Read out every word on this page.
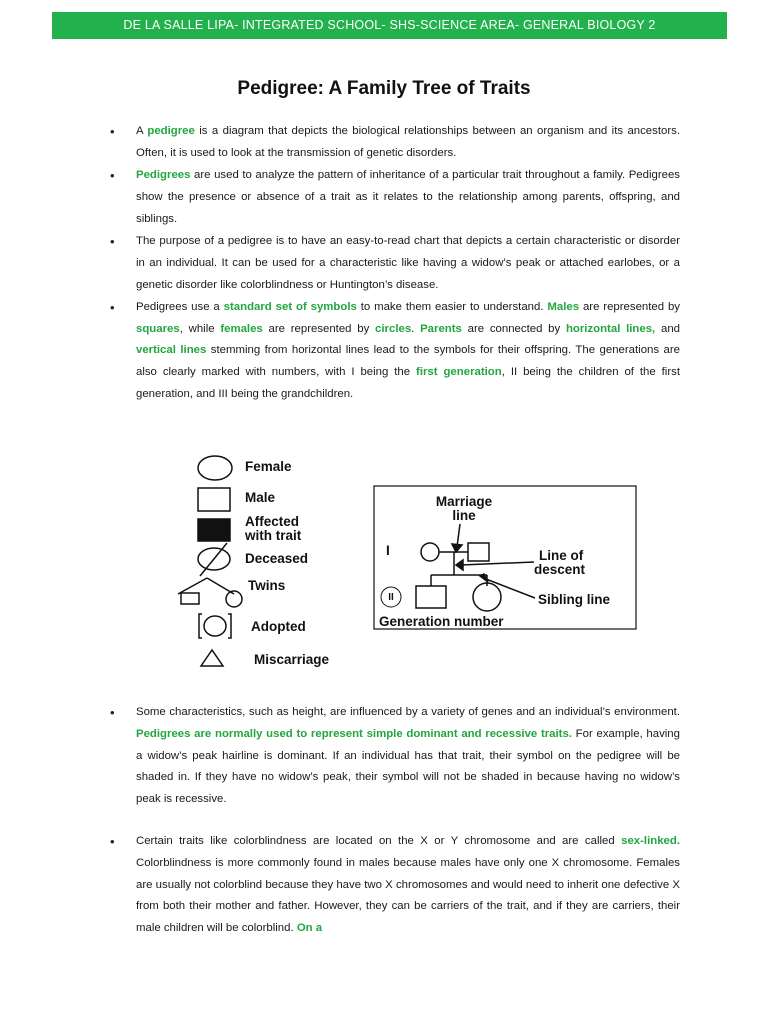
DE LA SALLE LIPA- INTEGRATED SCHOOL- SHS-SCIENCE AREA- GENERAL BIOLOGY 2
Pedigree: A Family Tree of Traits
• A pedigree is a diagram that depicts the biological relationships between an organism and its ancestors. Often, it is used to look at the transmission of genetic disorders.
• Pedigrees are used to analyze the pattern of inheritance of a particular trait throughout a family. Pedigrees show the presence or absence of a trait as it relates to the relationship among parents, offspring, and siblings.
• The purpose of a pedigree is to have an easy-to-read chart that depicts a certain characteristic or disorder in an individual. It can be used for a characteristic like having a widow’s peak or attached earlobes, or a genetic disorder like colorblindness or Huntington’s disease.
• Pedigrees use a standard set of symbols to make them easier to understand. Males are represented by squares, while females are represented by circles. Parents are connected by horizontal lines, and vertical lines stemming from horizontal lines lead to the symbols for their offspring. The generations are also clearly marked with numbers, with I being the first generation, II being the children of the first generation, and III being the grandchildren.
Female
Male
Affected
with trait
Deceased
Twins
Adopted
Miscarriage
Marriage
line
I	Line of
descent
Sibling line
II
Generation number
• Some characteristics, such as height, are influenced by a variety of genes and an individual’s environment. Pedigrees are normally used to represent simple dominant and recessive traits. For example, having a widow’s peak hairline is dominant. If an individual has that trait, their symbol on the pedigree will be shaded in. If they have no widow’s peak, their symbol will not be shaded in because having no widow’s peak is recessive.
• Certain traits like colorblindness are located on the X or Y chromosome and are called sex-linked. Colorblindness is more commonly found in males because males have only one X chromosome. Females are usually not colorblind because they have two X chromosomes and would need to inherit one defective X from both their mother and father. However, they can be carriers of the trait, and if they are carriers, their male children will be colorblind. On a
